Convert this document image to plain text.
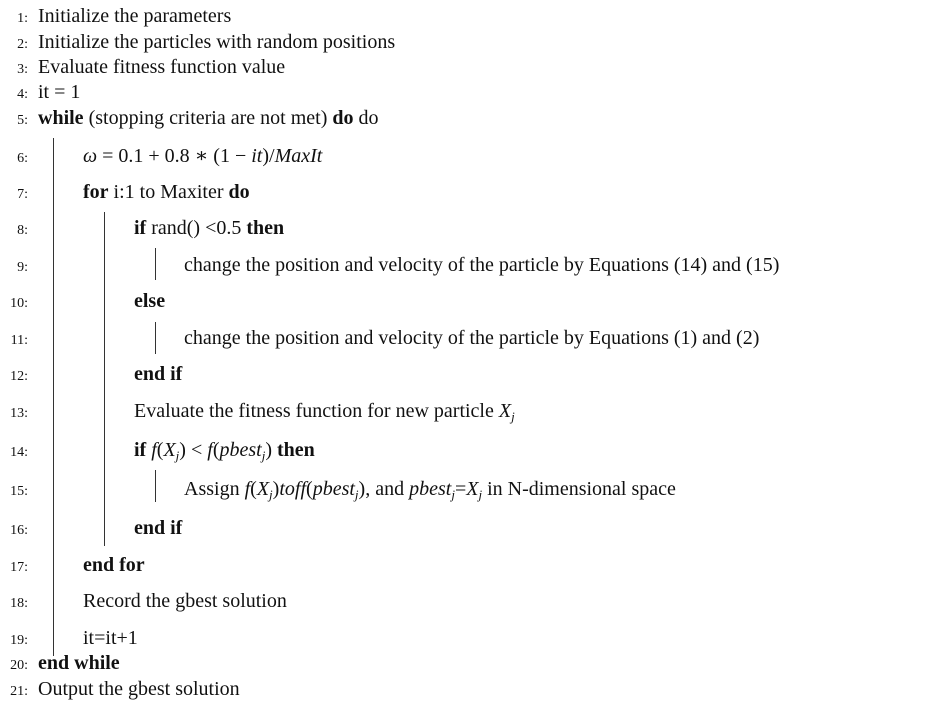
1: Initialize the parameters
2: Initialize the particles with random positions
3: Evaluate fitness function value
4: it = 1
5: while (stopping criteria are not met) do do
6:	ω = 0.1 + 0.8 ∗ (1 − it)/MaxIt
7:	for i:1 to Maxiter do
8:	if rand() <0.5 then
9:	change the position and velocity of the particle by Equations (14) and (15)
10:	else
11:	change the position and velocity of the particle by Equations (1) and (2)
12:	end if
13:	Evaluate the fitness function for new particle $X_j$
14:	if $f(X_j)$ < f(pbest$_j$) then
15:	Assign $f(X_j)toff(pbest_j)$, and $pbest_j=X_j$ in N-dimensional space
16:	end if
17:	end for
18:	Record the gbest solution
19:	it=it+1
20: end while
21: Output the gbest solution
